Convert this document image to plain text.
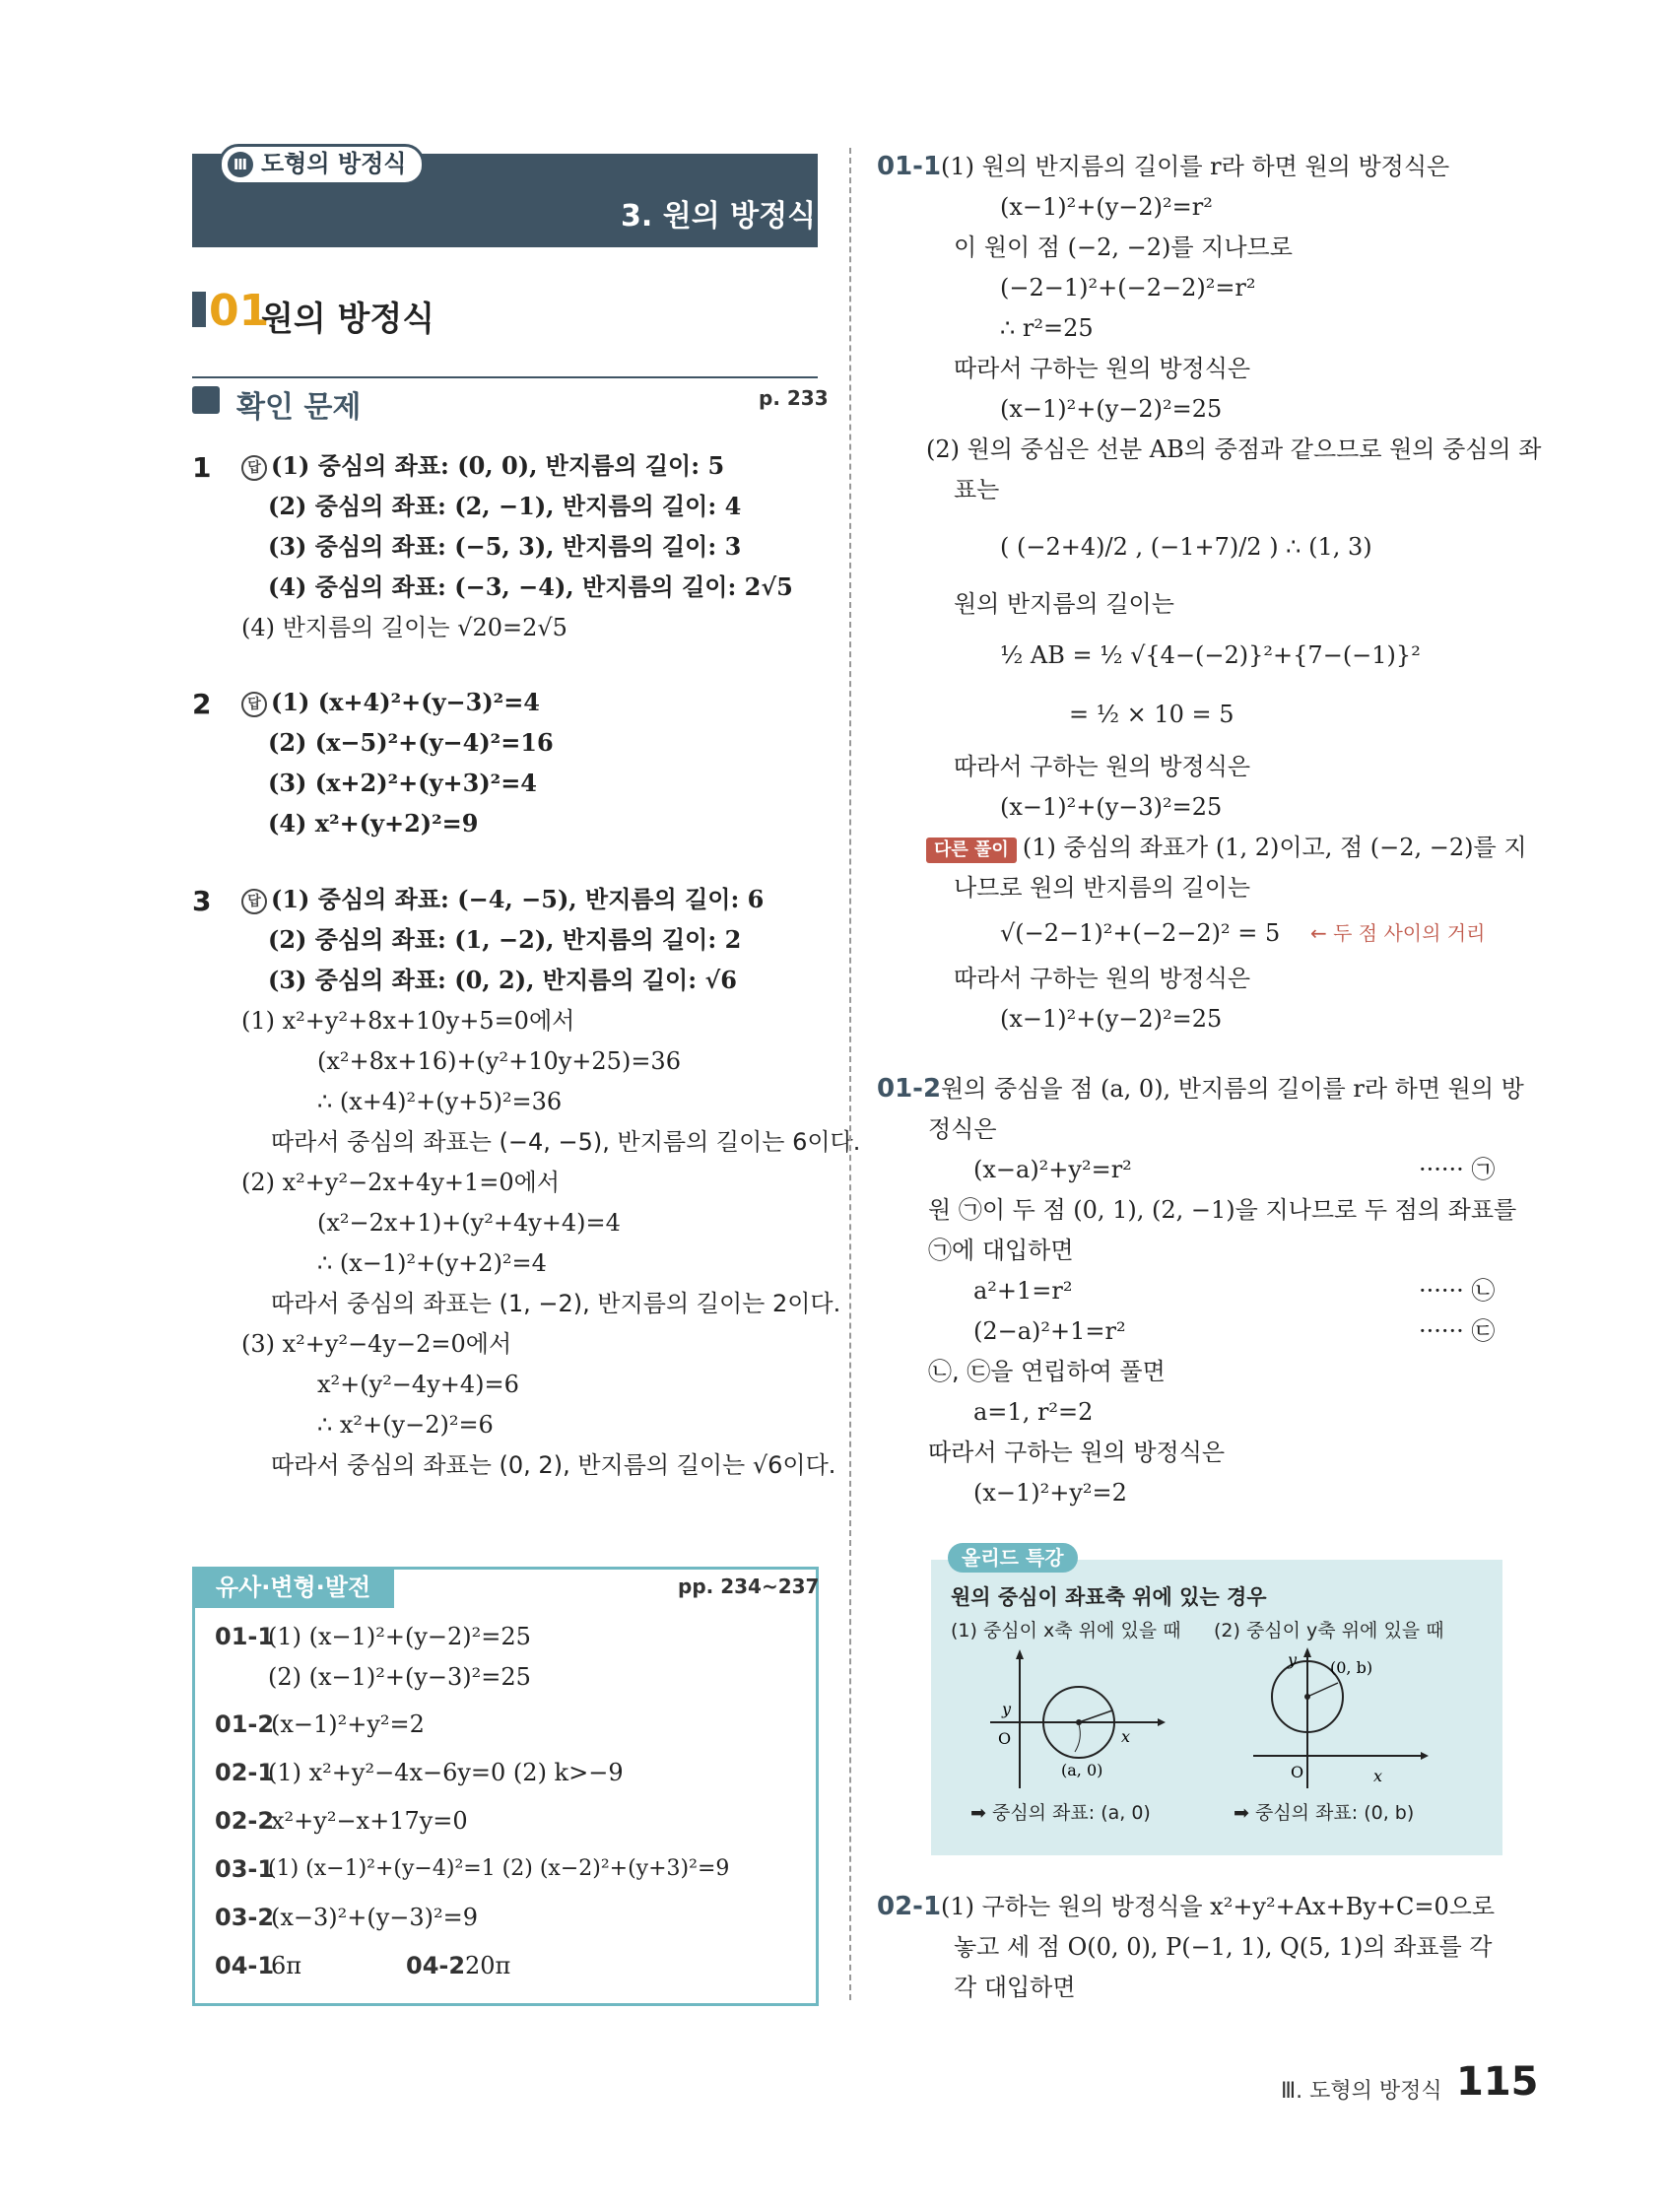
Ⅲ 도형의 방정식
3. 원의 방정식
01
원의 방정식
확인 문제	p. 233
1	답 (1) 중심의 좌표: (0, 0), 반지름의 길이: 5
(2) 중심의 좌표: (2, −1), 반지름의 길이: 4
(3) 중심의 좌표: (−5, 3), 반지름의 길이: 3
(4) 중심의 좌표: (−3, −4), 반지름의 길이: 2√5
(4) 반지름의 길이는 √20=2√5
2	답 (1) (x+4)²+(y−3)²=4
(2) (x−5)²+(y−4)²=16
(3) (x+2)²+(y+3)²=4
(4) x²+(y+2)²=9
3	답 (1) 중심의 좌표: (−4, −5), 반지름의 길이: 6
(2) 중심의 좌표: (1, −2), 반지름의 길이: 2
(3) 중심의 좌표: (0, 2), 반지름의 길이: √6
(1) x²+y²+8x+10y+5=0에서
(x²+8x+16)+(y²+10y+25)=36
∴ (x+4)²+(y+5)²=36
따라서 중심의 좌표는 (−4, −5), 반지름의 길이는 6이다.
(2) x²+y²−2x+4y+1=0에서
(x²−2x+1)+(y²+4y+4)=4
∴ (x−1)²+(y+2)²=4
따라서 중심의 좌표는 (1, −2), 반지름의 길이는 2이다.
(3) x²+y²−4y−2=0에서
x²+(y²−4y+4)=6
∴ x²+(y−2)²=6
따라서 중심의 좌표는 (0, 2), 반지름의 길이는 √6이다.
유사·변형·발전	pp. 234~237
01-1
(1) (x−1)²+(y−2)²=25
(2) (x−1)²+(y−3)²=25
01-2
(x−1)²+y²=2
02-1
(1) x²+y²−4x−6y=0 (2) k>−9
02-2
x²+y²−x+17y=0
03-1
(1) (x−1)²+(y−4)²=1 (2) (x−2)²+(y+3)²=9
03-2
(x−3)²+(y−3)²=9
04-1
6π	04-2 20π
01-1 (1) 원의 반지름의 길이를 r라 하면 원의 방정식은
(x−1)²+(y−2)²=r²
이 원이 점 (−2, −2)를 지나므로
(−2−1)²+(−2−2)²=r²
∴ r²=25
따라서 구하는 원의 방정식은
(x−1)²+(y−2)²=25
(2) 원의 중심은 선분 AB의 중점과 같으므로 원의 중심의 좌
표는
( (−2+4)/2 , (−1+7)/2 ) ∴ (1, 3)
원의 반지름의 길이는
½ AB = ½ √{4−(−2)}²+{7−(−1)}²
= ½ × 10 = 5
따라서 구하는 원의 방정식은
(x−1)²+(y−3)²=25
다른 풀이 (1) 중심의 좌표가 (1, 2)이고, 점 (−2, −2)를 지
나므로 원의 반지름의 길이는
√(−2−1)²+(−2−2)² = 5 ← 두 점 사이의 거리
따라서 구하는 원의 방정식은
(x−1)²+(y−2)²=25
01-2 원의 중심을 점 (a, 0), 반지름의 길이를 r라 하면 원의 방
정식은
(x−a)²+y²=r²	······ ㉠
원 ㉠이 두 점 (0, 1), (2, −1)을 지나므로 두 점의 좌표를
㉠에 대입하면
a²+1=r²	······ ㉡
(2−a)²+1=r²	······ ㉢
㉡, ㉢을 연립하여 풀면
a=1, r²=2
따라서 구하는 원의 방정식은
(x−1)²+y²=2
올리드 특강
원의 중심이 좌표축 위에 있는 경우
(1) 중심이 x축 위에 있을 때 (2) 중심이 y축 위에 있을 때
y
x
O
(a, 0)
y
x
O
(0, b)
➡ 중심의 좌표: (a, 0)	➡ 중심의 좌표: (0, b)
02-1 (1) 구하는 원의 방정식을 x²+y²+Ax+By+C=0으로
놓고 세 점 O(0, 0), P(−1, 1), Q(5, 1)의 좌표를 각
각 대입하면
Ⅲ. 도형의 방정식 115
